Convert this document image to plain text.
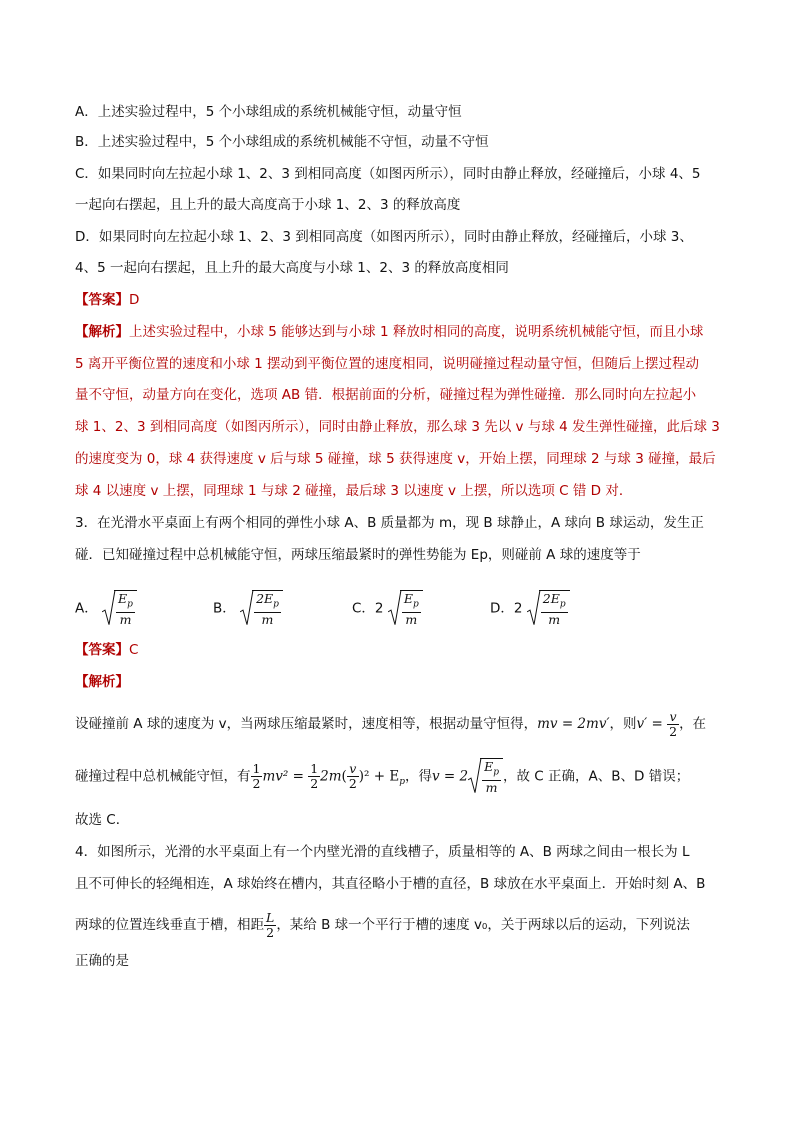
A．上述实验过程中，5 个小球组成的系统机械能守恒，动量守恒
B．上述实验过程中，5 个小球组成的系统机械能不守恒，动量不守恒
C．如果同时向左拉起小球 1、2、3 到相同高度（如图丙所示），同时由静止释放，经碰撞后，小球 4、5
一起向右摆起，且上升的最大高度高于小球 1、2、3 的释放高度
D．如果同时向左拉起小球 1、2、3 到相同高度（如图丙所示），同时由静止释放，经碰撞后，小球 3、
4、5 一起向右摆起，且上升的最大高度与小球 1、2、3 的释放高度相同
【答案】D
【解析】上述实验过程中，小球 5 能够达到与小球 1 释放时相同的高度，说明系统机械能守恒，而且小球
5 离开平衡位置的速度和小球 1 摆动到平衡位置的速度相同，说明碰撞过程动量守恒，但随后上摆过程动
量不守恒，动量方向在变化，选项 AB 错．根据前面的分析，碰撞过程为弹性碰撞．那么同时向左拉起小
球 1、2、3 到相同高度（如图丙所示），同时由静止释放，那么球 3 先以 v 与球 4 发生弹性碰撞，此后球 3
的速度变为 0，球 4 获得速度 v 后与球 5 碰撞，球 5 获得速度 v，开始上摆，同理球 2 与球 3 碰撞，最后
球 4 以速度 v 上摆，同理球 1 与球 2 碰撞，最后球 3 以速度 v 上摆，所以选项 C 错 D 对．
3．在光滑水平桌面上有两个相同的弹性小球 A、B 质量都为 m，现 B 球静止，A 球向 B 球运动，发生正
碰．已知碰撞过程中总机械能守恒，两球压缩最紧时的弹性势能为 Ep，则碰前 A 球的速度等于
A． $\frac{E_p}{m}$	B． $\frac{2E_p}{m}$	C．$2 \frac{E_p}{m}$	D．$2 \frac{2E_p}{m}$
【答案】C
【解析】
设碰撞前 A 球的速度为 v，当两球压缩最紧时，速度相等，根据动量守恒得，mv = 2mv′，则$v' = \frac{v}{2}$ ，在
碰撞过程中总机械能守恒，有 $\frac{1}{2} mv^2 = \frac{1}{2} 2m( \frac{v}{2} )^2 + E_p$，得$v = 2 \frac{E_p}{m}$ ，故 C 正确，A、B、D 错误；
故选 C．
4．如图所示，光滑的水平桌面上有一个内壁光滑的直线槽子，质量相等的 A、B 两球之间由一根长为 L
且不可伸长的轻绳相连，A 球始终在槽内，其直径略小于槽的直径，B 球放在水平桌面上．开始时刻 A、B
两球的位置连线垂直于槽，相距 $\frac{L}{2}$ ，某给 B 球一个平行于槽的速度 v₀，关于两球以后的运动，下列说法
正确的是
